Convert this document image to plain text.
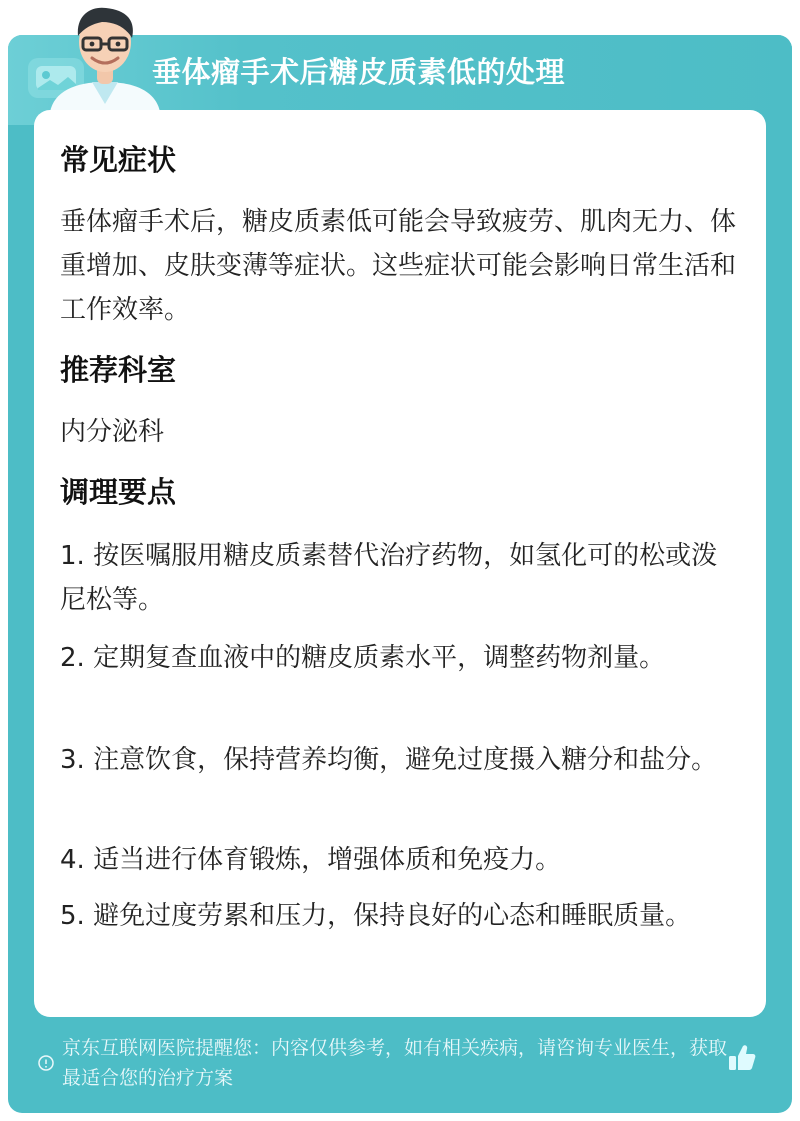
垂体瘤手术后糖皮质素低的处理
常见症状
垂体瘤手术后，糖皮质素低可能会导致疲劳、肌肉无力、体重增加、皮肤变薄等症状。这些症状可能会影响日常生活和工作效率。
推荐科室
内分泌科
调理要点
1. 按医嘱服用糖皮质素替代治疗药物，如氢化可的松或泼尼松等。
2. 定期复查血液中的糖皮质素水平，调整药物剂量。
3. 注意饮食，保持营养均衡，避免过度摄入糖分和盐分。
4. 适当进行体育锻炼，增强体质和免疫力。
5. 避免过度劳累和压力，保持良好的心态和睡眠质量。
京东互联网医院提醒您：内容仅供参考，如有相关疾病，请咨询专业医生，获取最适合您的治疗方案
